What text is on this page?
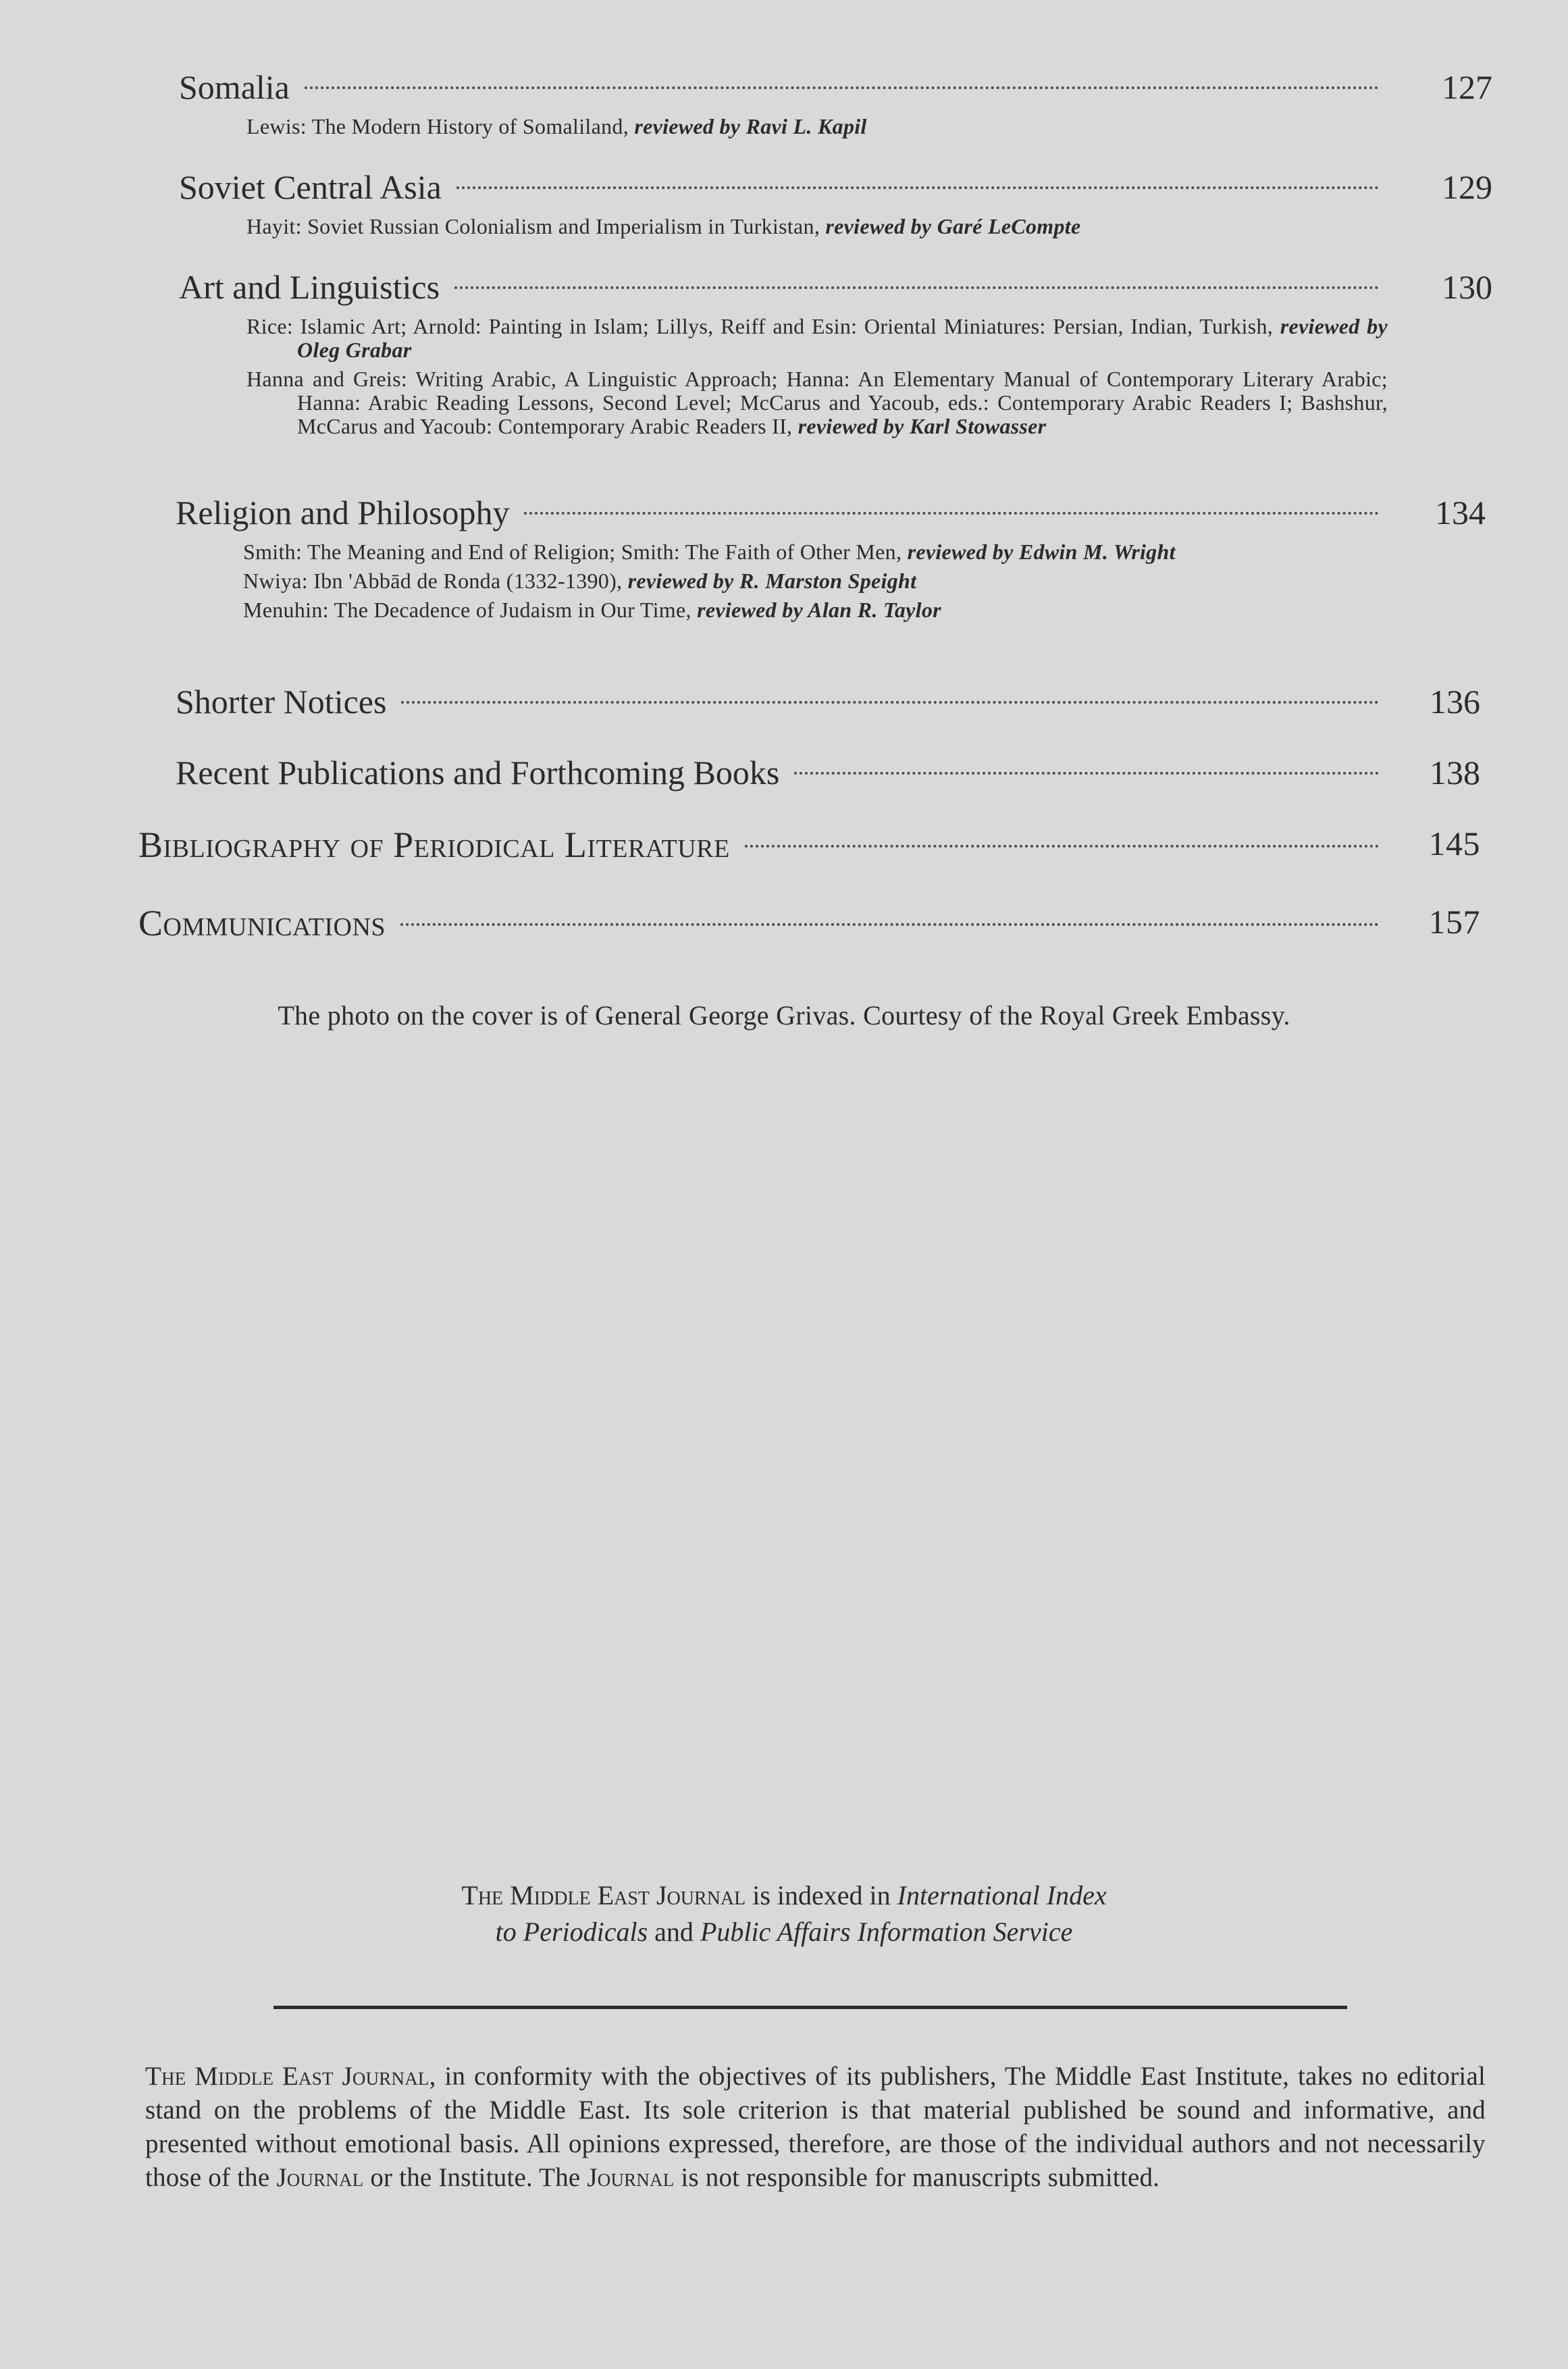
Somalia	127
Lewis: The Modern History of Somaliland, reviewed by Ravi L. Kapil
Soviet Central Asia	129
Hayit: Soviet Russian Colonialism and Imperialism in Turkistan, reviewed by Garé LeCompte
Art and Linguistics	130
Rice: Islamic Art; Arnold: Painting in Islam; Lillys, Reiff and Esin: Oriental Miniatures: Persian, Indian, Turkish, reviewed by Oleg Grabar
Hanna and Greis: Writing Arabic, A Linguistic Approach; Hanna: An Elementary Manual of Contemporary Literary Arabic; Hanna: Arabic Reading Lessons, Second Level; McCarus and Yacoub, eds.: Contemporary Arabic Readers I; Bashshur, McCarus and Yacoub: Contemporary Arabic Readers II, reviewed by Karl Stowasser
Religion and Philosophy	134
Smith: The Meaning and End of Religion; Smith: The Faith of Other Men, reviewed by Edwin M. Wright
Nwiya: Ibn 'Abbād de Ronda (1332-1390), reviewed by R. Marston Speight
Menuhin: The Decadence of Judaism in Our Time, reviewed by Alan R. Taylor
Shorter Notices	136
Recent Publications and Forthcoming Books	138
Bibliography of Periodical Literature	145
Communications	157
The photo on the cover is of General George Grivas. Courtesy of the Royal Greek Embassy.
The Middle East Journal is indexed in International Index
to Periodicals and Public Affairs Information Service
The Middle East Journal, in conformity with the objectives of its publishers, The Middle East Institute, takes no editorial stand on the problems of the Middle East. Its sole criterion is that material published be sound and informative, and presented without emotional basis. All opinions expressed, therefore, are those of the individual authors and not necessarily those of the Journal or the Institute. The Journal is not responsible for manuscripts submitted.
